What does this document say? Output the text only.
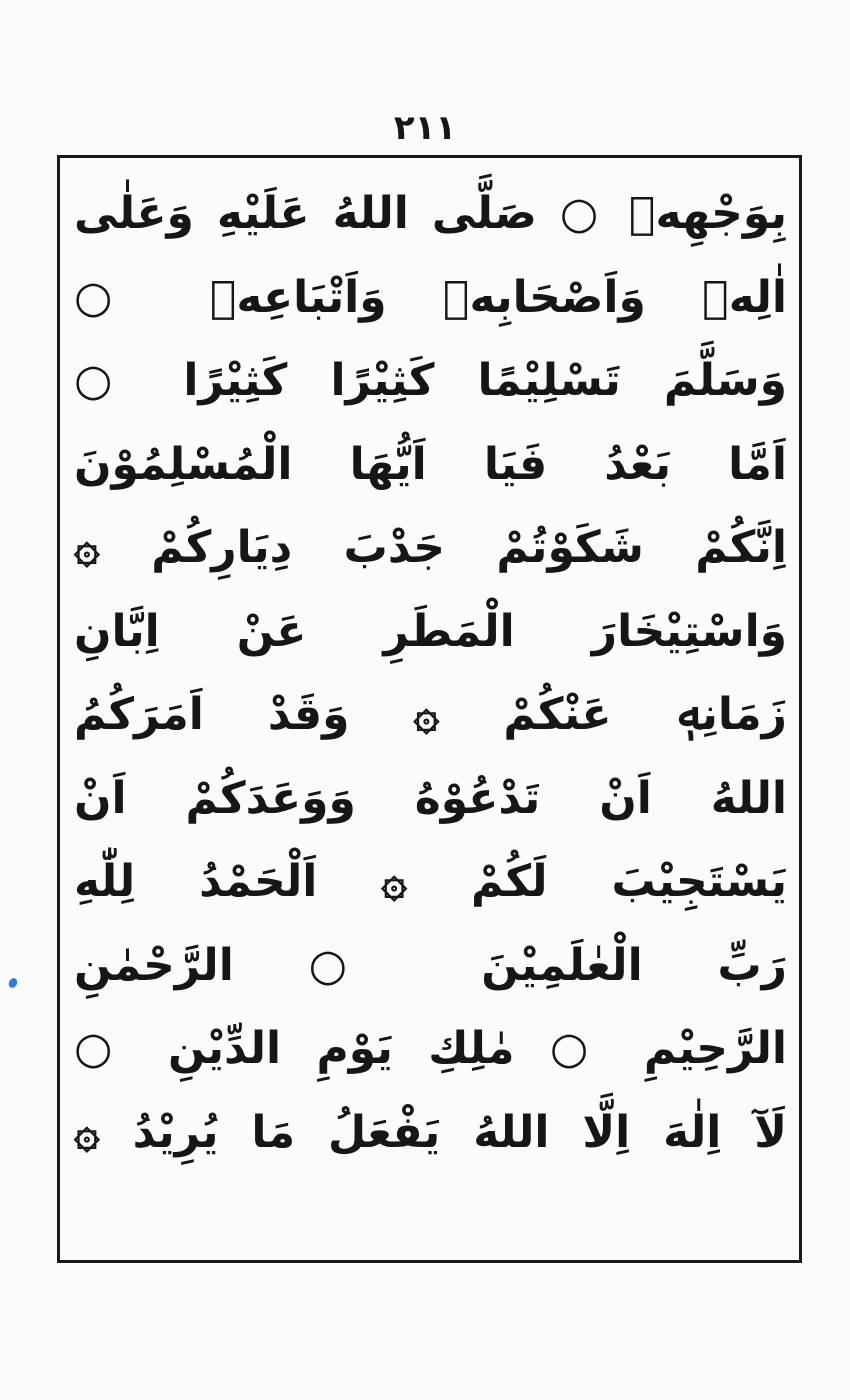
٢١١
بِوَجْهِهٖ ○ صَلَّى اللهُ عَلَيْهِ وَعَلٰى
اٰلِهٖ وَاَصْحَابِهٖ وَاَتْبَاعِهٖ ○
وَسَلَّمَ تَسْلِيْمًا كَثِيْرًا كَثِيْرًا ○
اَمَّا بَعْدُ فَيَا اَيُّهَا الْمُسْلِمُوْنَ
اِنَّكُمْ شَكَوْتُمْ جَدْبَ دِيَارِكُمْ ۞
وَاسْتِيْخَارَ الْمَطَرِ عَنْ اِبَّانِ
زَمَانِهٖ عَنْكُمْ ۞ وَقَدْ اَمَرَكُمُ
اللهُ اَنْ تَدْعُوْهُ وَوَعَدَكُمْ اَنْ
يَسْتَجِيْبَ لَكُمْ ۞ اَلْحَمْدُ لِلّٰهِ
رَبِّ الْعٰلَمِيْنَ ○ الرَّحْمٰنِ
الرَّحِيْمِ ○ مٰلِكِ يَوْمِ الدِّيْنِ ○
لَآ اِلٰهَ اِلَّا اللهُ يَفْعَلُ مَا يُرِيْدُ ۞
